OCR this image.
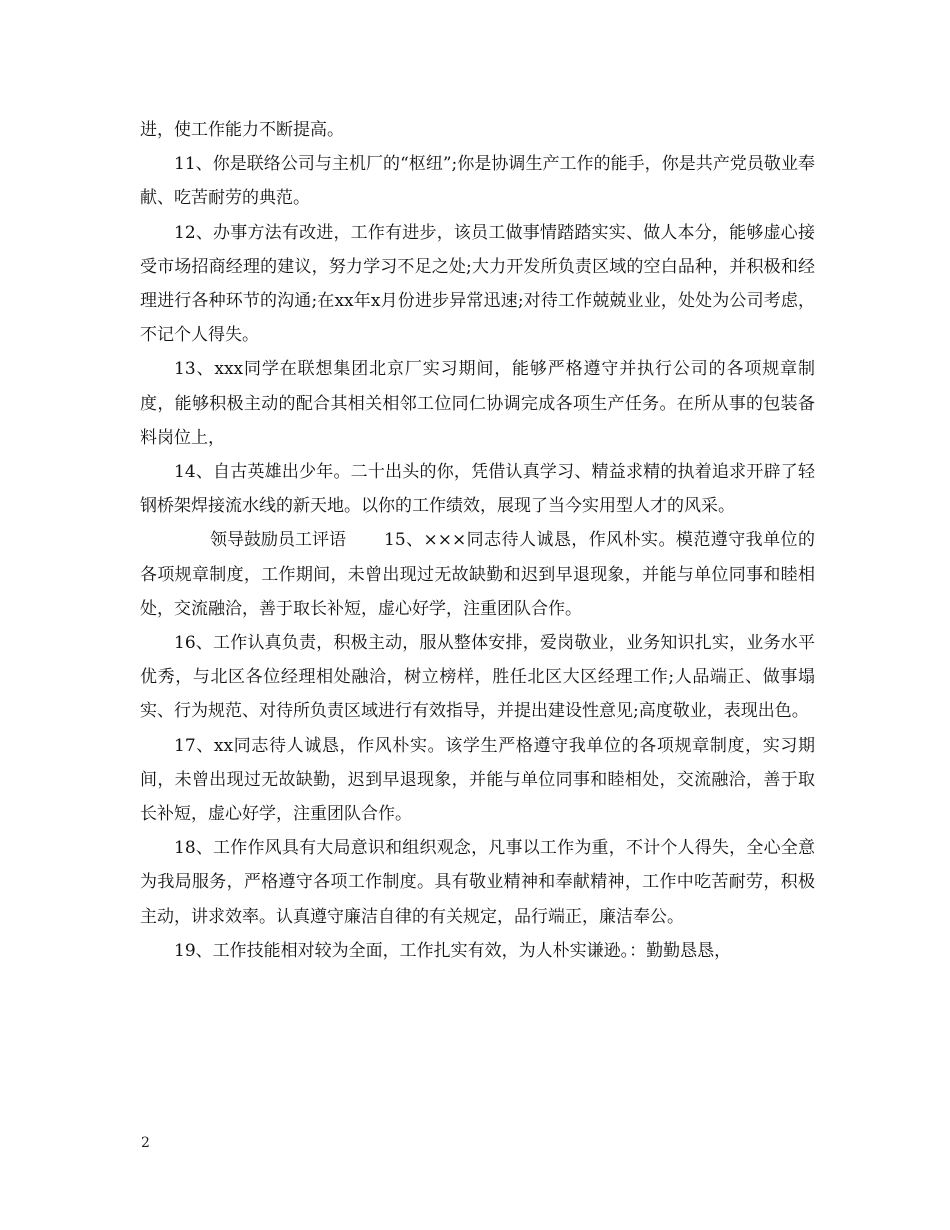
进，使工作能力不断提高。

11、你是联络公司与主机厂的“枢纽”;你是协调生产工作的能手，你是共产党员敬业奉献、吃苦耐劳的典范。

12、办事方法有改进，工作有进步，该员工做事情踏踏实实、做人本分，能够虚心接受市场招商经理的建议，努力学习不足之处;大力开发所负责区域的空白品种，并积极和经理进行各种环节的沟通;在xx年x月份进步异常迅速;对待工作兢兢业业，处处为公司考虑，不记个人得失。

13、xxx同学在联想集团北京厂实习期间，能够严格遵守并执行公司的各项规章制度，能够积极主动的配合其相关相邻工位同仁协调完成各项生产任务。在所从事的包装备料岗位上，

14、自古英雄出少年。二十出头的你，凭借认真学习、精益求精的执着追求开辟了轻钢桥架焊接流水线的新天地。以你的工作绩效，展现了当今实用型人才的风采。

领导鼓励员工评语 15、×××同志待人诚恳，作风朴实。模范遵守我单位的各项规章制度，工作期间，未曾出现过无故缺勤和迟到早退现象，并能与单位同事和睦相处，交流融洽，善于取长补短，虚心好学，注重团队合作。

16、工作认真负责，积极主动，服从整体安排，爱岗敬业，业务知识扎实，业务水平优秀，与北区各位经理相处融洽，树立榜样，胜任北区大区经理工作;人品端正、做事塌实、行为规范、对待所负责区域进行有效指导，并提出建设性意见;高度敬业，表现出色。

17、xx同志待人诚恳，作风朴实。该学生严格遵守我单位的各项规章制度，实习期间，未曾出现过无故缺勤，迟到早退现象，并能与单位同事和睦相处，交流融洽，善于取长补短，虚心好学，注重团队合作。

18、工作作风具有大局意识和组织观念，凡事以工作为重，不计个人得失，全心全意为我局服务，严格遵守各项工作制度。具有敬业精神和奉献精神，工作中吃苦耐劳，积极主动，讲求效率。认真遵守廉洁自律的有关规定，品行端正，廉洁奉公。

19、工作技能相对较为全面，工作扎实有效，为人朴实谦逊。：勤勤恳恳，

2
